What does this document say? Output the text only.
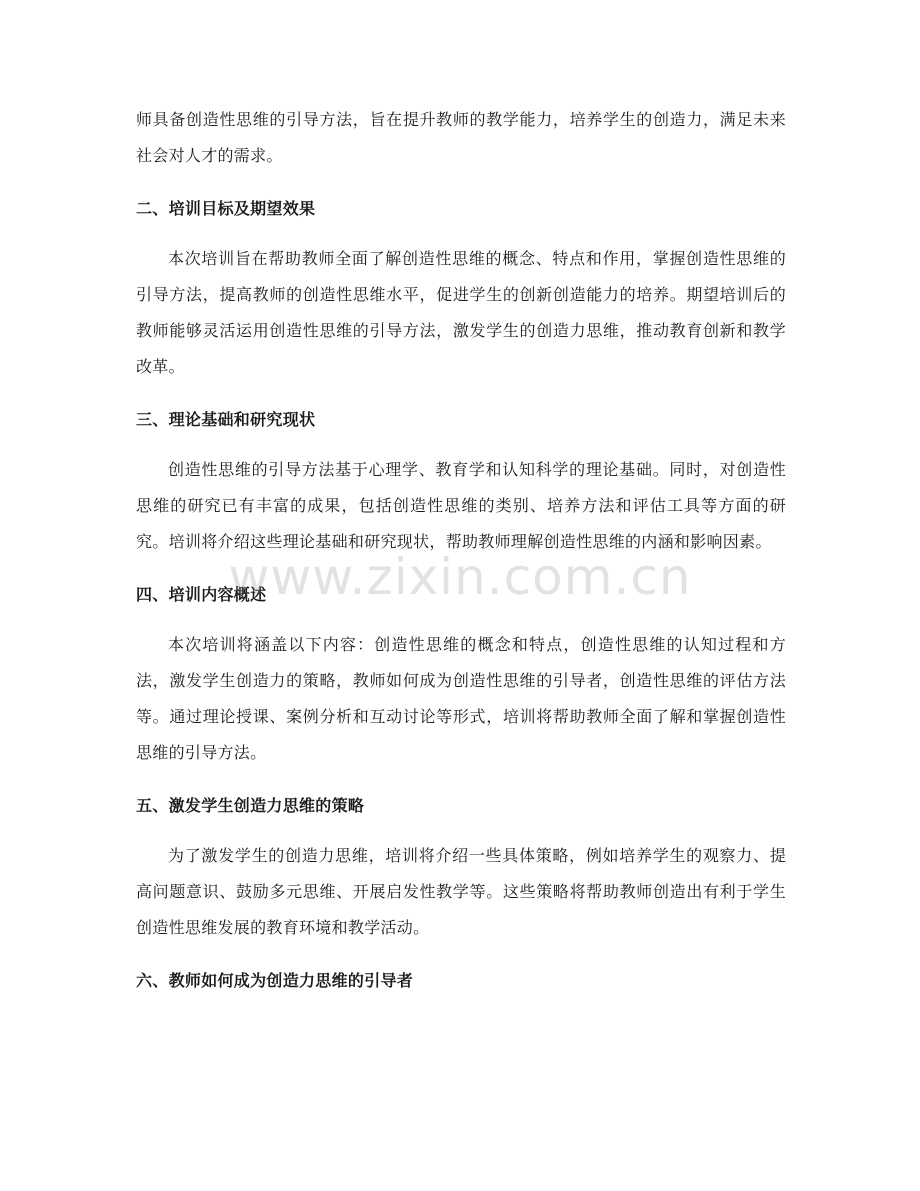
师具备创造性思维的引导方法，旨在提升教师的教学能力，培养学生的创造力，满足未来社会对人才的需求。

二、培训目标及期望效果

本次培训旨在帮助教师全面了解创造性思维的概念、特点和作用，掌握创造性思维的引导方法，提高教师的创造性思维水平，促进学生的创新创造能力的培养。期望培训后的教师能够灵活运用创造性思维的引导方法，激发学生的创造力思维，推动教育创新和教学改革。

三、理论基础和研究现状

创造性思维的引导方法基于心理学、教育学和认知科学的理论基础。同时，对创造性思维的研究已有丰富的成果，包括创造性思维的类别、培养方法和评估工具等方面的研究。培训将介绍这些理论基础和研究现状，帮助教师理解创造性思维的内涵和影响因素。

四、培训内容概述

本次培训将涵盖以下内容：创造性思维的概念和特点，创造性思维的认知过程和方法，激发学生创造力的策略，教师如何成为创造性思维的引导者，创造性思维的评估方法等。通过理论授课、案例分析和互动讨论等形式，培训将帮助教师全面了解和掌握创造性思维的引导方法。

五、激发学生创造力思维的策略

为了激发学生的创造力思维，培训将介绍一些具体策略，例如培养学生的观察力、提高问题意识、鼓励多元思维、开展启发性教学等。这些策略将帮助教师创造出有利于学生创造性思维发展的教育环境和教学活动。

六、教师如何成为创造力思维的引导者
www.zixin.com.cn
